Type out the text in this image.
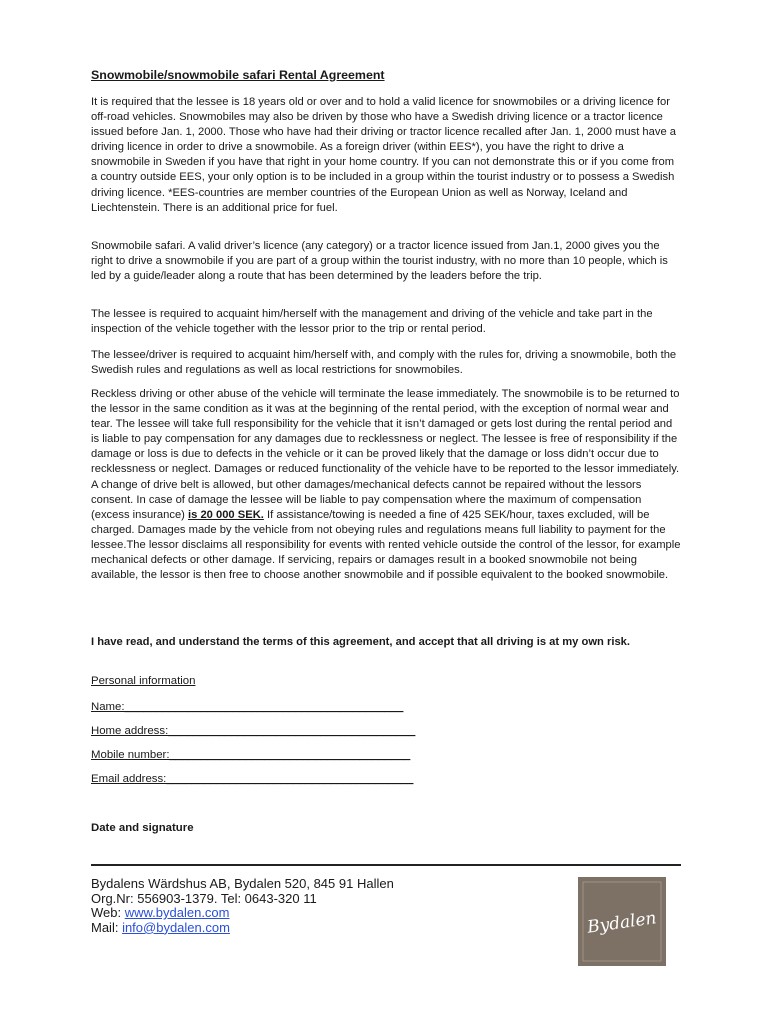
Snowmobile/snowmobile safari Rental Agreement

It is required that the lessee is 18 years old or over and to hold a valid licence for snowmobiles or a driving licence for off-road vehicles. Snowmobiles may also be driven by those who have a Swedish driving licence or a tractor licence issued before Jan. 1, 2000. Those who have had their driving or tractor licence recalled after Jan. 1, 2000 must have a driving licence in order to drive a snowmobile. As a foreign driver (within EES*), you have the right to drive a snowmobile in Sweden if you have that right in your home country. If you can not demonstrate this or if you come from a country outside EES, your only option is to be included in a group within the tourist industry or to possess a Swedish driving licence. *EES-countries are member countries of the European Union as well as Norway, Iceland and Liechtenstein. There is an additional price for fuel.

Snowmobile safari. A valid driver’s licence (any category) or a tractor licence issued from Jan.1, 2000 gives you the right to drive a snowmobile if you are part of a group within the tourist industry, with no more than 10 people, which is led by a guide/leader along a route that has been determined by the leaders before the trip.

The lessee is required to acquaint him/herself with the management and driving of the vehicle and take part in the inspection of the vehicle together with the lessor prior to the trip or rental period.

The lessee/driver is required to acquaint him/herself with, and comply with the rules for, driving a snowmobile, both the Swedish rules and regulations as well as local restrictions for snowmobiles.

Reckless driving or other abuse of the vehicle will terminate the lease immediately. The snowmobile is to be returned to the lessor in the same condition as it was at the beginning of the rental period, with the exception of normal wear and tear. The lessee will take full responsibility for the vehicle that it isn’t damaged or gets lost during the rental period and is liable to pay compensation for any damages due to recklessness or neglect. The lessee is free of responsibility if the damage or loss is due to defects in the vehicle or it can be proved likely that the damage or loss didn’t occur due to recklessness or neglect. Damages or reduced functionality of the vehicle have to be reported to the lessor immediately. A change of drive belt is allowed, but other damages/mechanical defects cannot be repaired without the lessors consent. In case of damage the lessee will be liable to pay compensation where the maximum of compensation (excess insurance) is 20 000 SEK. If assistance/towing is needed a fine of 425 SEK/hour, taxes excluded, will be charged. Damages made by the vehicle from not obeying rules and regulations means full liability to payment for the lessee.The lessor disclaims all responsibility for events with rented vehicle outside the control of the lessor, for example mechanical defects or other damage. If servicing, repairs or damages result in a booked snowmobile not being available, the lessor is then free to choose another snowmobile and if possible equivalent to the booked snowmobile.

I have read, and understand the terms of this agreement, and accept that all driving is at my own risk.

Personal information
Name:____________________________________________
Home address:_______________________________________
Mobile number:______________________________________
Email address:_______________________________________
Date and signature
Bydalens Wärdshus AB, Bydalen 520, 845 91 Hallen
Org.Nr: 556903-1379. Tel: 0643-320 11
Web: www.bydalen.com
Mail: info@bydalen.com	Bydalen
